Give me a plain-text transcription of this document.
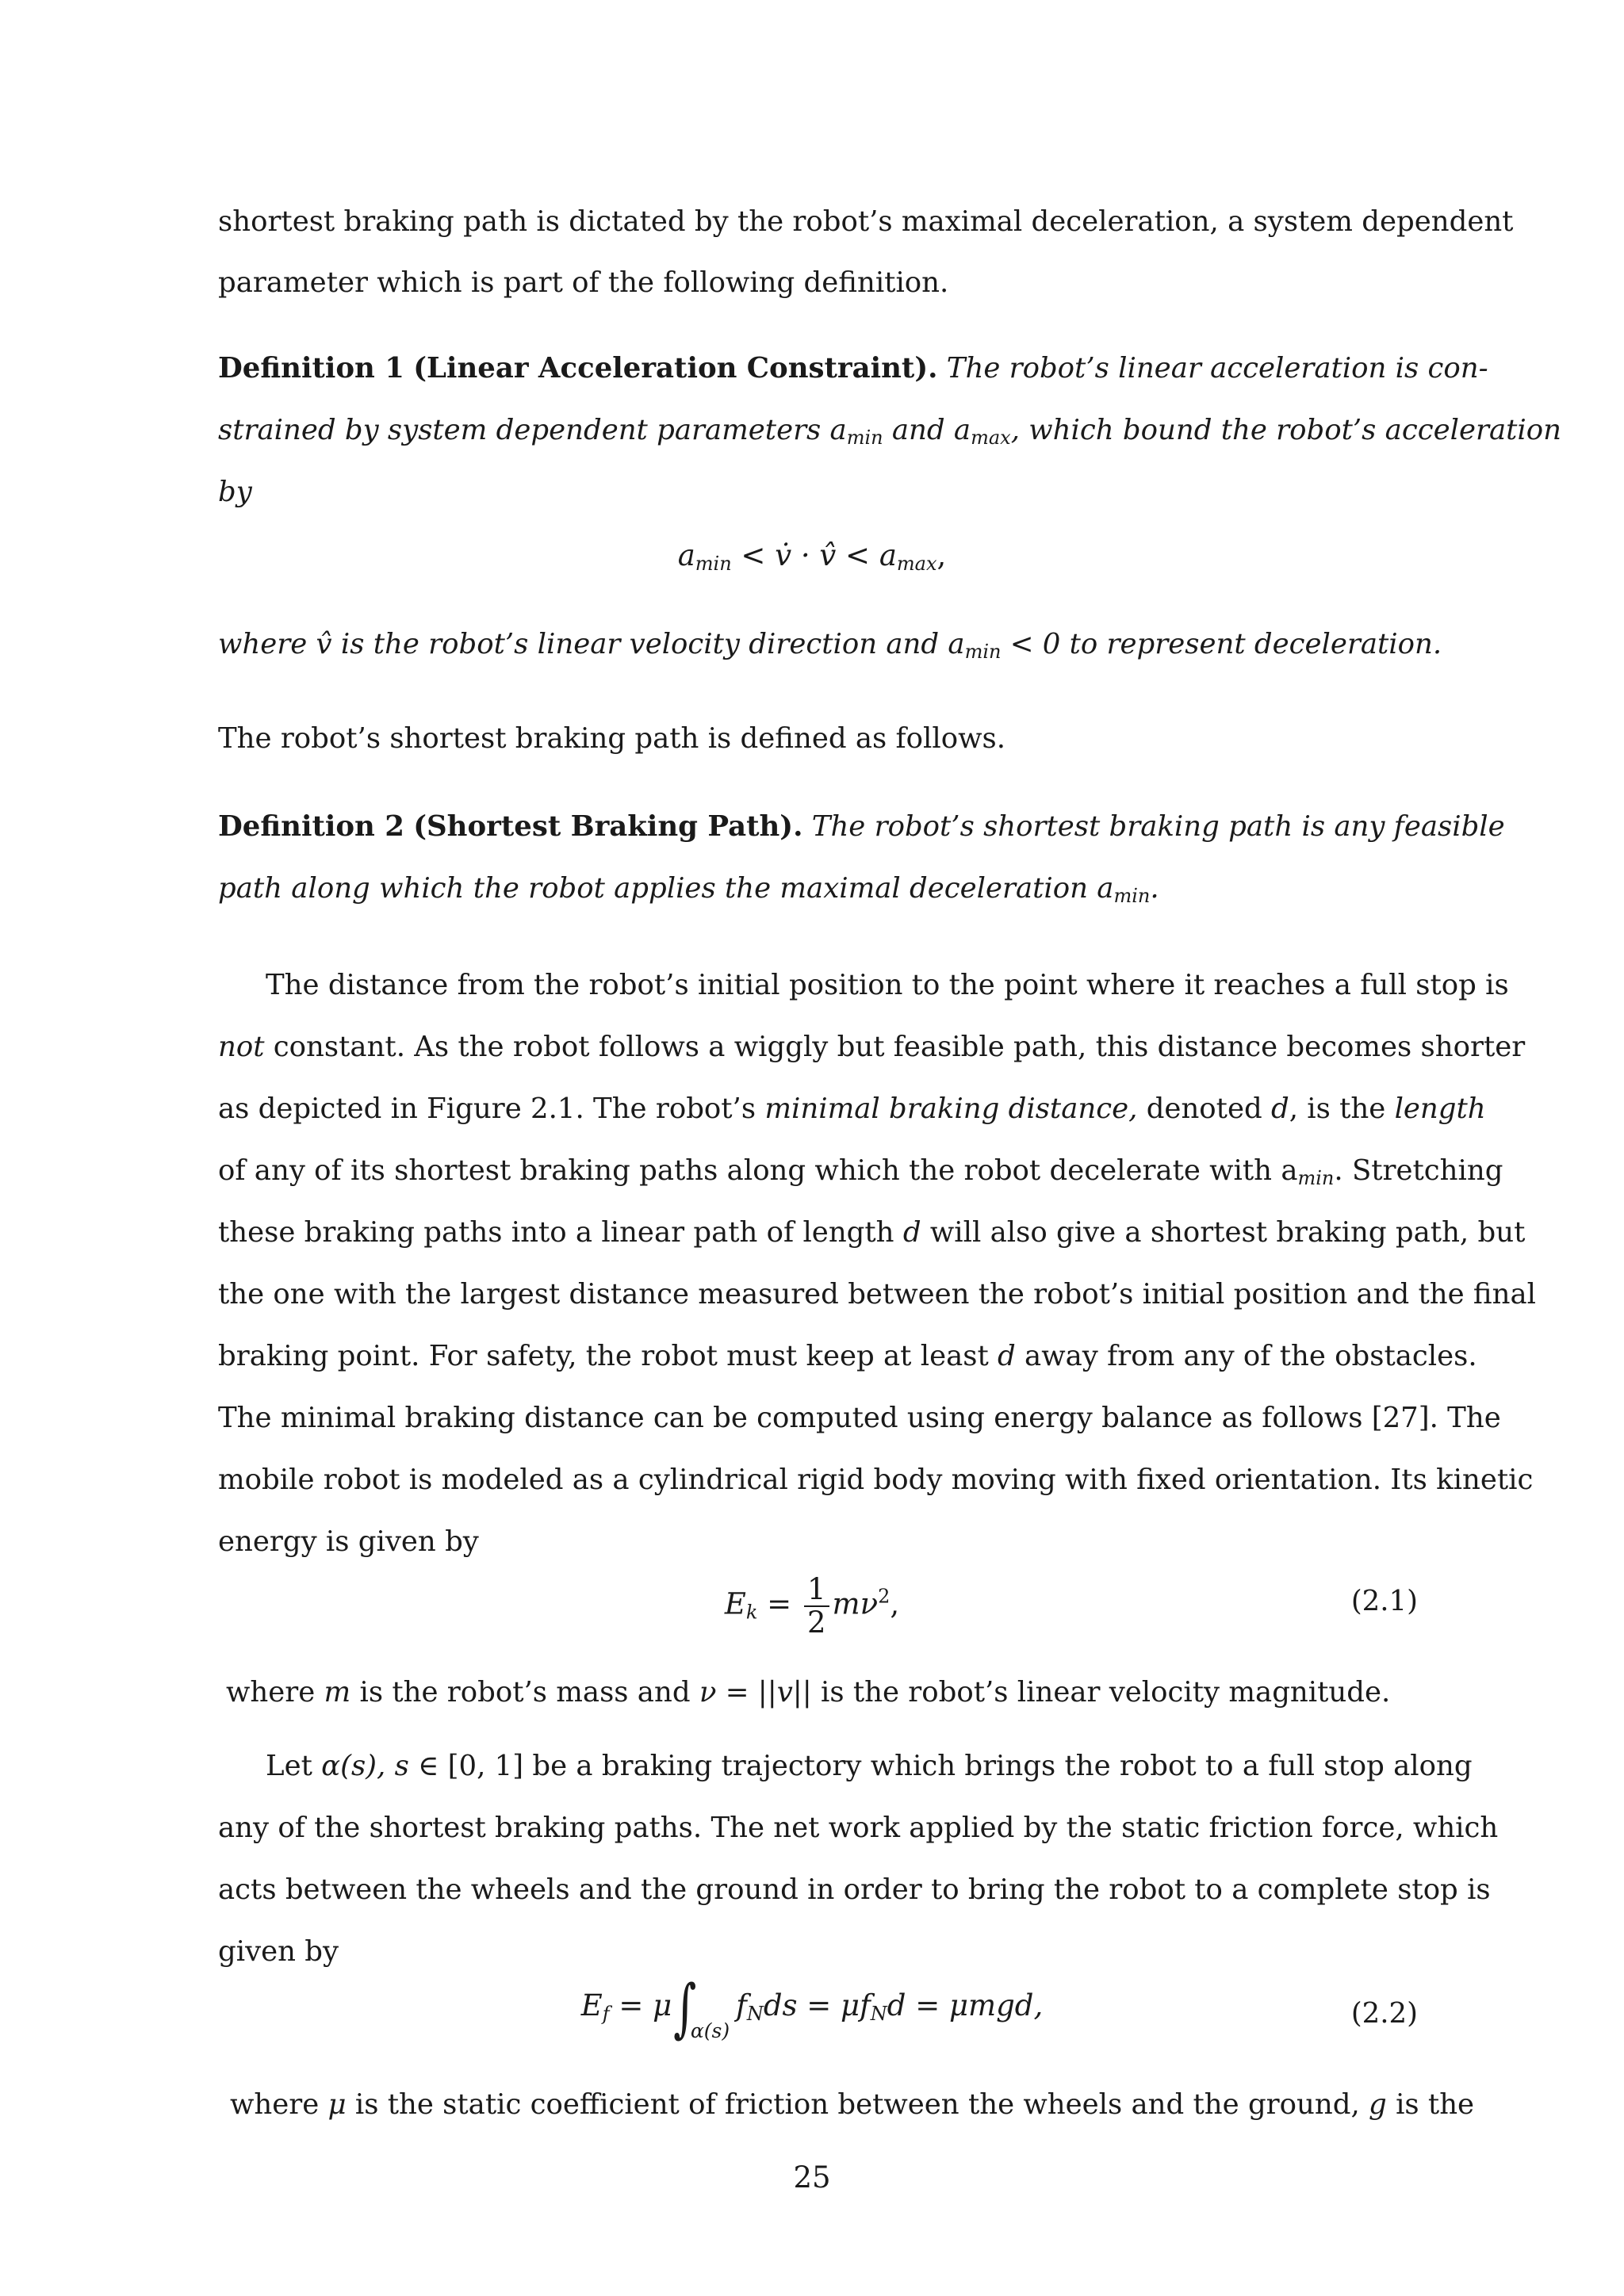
shortest braking path is dictated by the robot’s maximal deceleration, a system dependent
parameter which is part of the following definition.
Definition 1 (Linear Acceleration Constraint). The robot’s linear acceleration is con-
strained by system dependent parameters $a_{min}$ and $a_{max}$, which bound the robot’s acceleration
by
$a_{min}$ < v̇ · v̂ < $a_{max}$,
where v̂ is the robot’s linear velocity direction and $a_{min} < 0$ to represent deceleration.
The robot’s shortest braking path is defined as follows.
Definition 2 (Shortest Braking Path). The robot’s shortest braking path is any feasible
path along which the robot applies the maximal deceleration $a_{min}$.
The distance from the robot’s initial position to the point where it reaches a full stop is
not constant. As the robot follows a wiggly but feasible path, this distance becomes shorter
as depicted in Figure 2.1. The robot’s minimal braking distance, denoted d, is the length
of any of its shortest braking paths along which the robot decelerate with $a_{min}$. Stretching
these braking paths into a linear path of length d will also give a shortest braking path, but
the one with the largest distance measured between the robot’s initial position and the final
braking point. For safety, the robot must keep at least d away from any of the obstacles.
The minimal braking distance can be computed using energy balance as follows [27]. The
mobile robot is modeled as a cylindrical rigid body moving with fixed orientation. Its kinetic
energy is given by
$E_k = \frac{1}{2} m\nu^2$,	(2.1)
where m is the robot’s mass and ν = ||v|| is the robot’s linear velocity magnitude.
Let α(s), s ∈ [0, 1] be a braking trajectory which brings the robot to a full stop along
any of the shortest braking paths. The net work applied by the static friction force, which
acts between the wheels and the ground in order to bring the robot to a complete stop is
given by
$E_f = \mu\int_{\alpha(s)}f_Nds = \mu f_Nd = \mu mgd$,	(2.2)
where μ is the static coefficient of friction between the wheels and the ground, g is the
25
